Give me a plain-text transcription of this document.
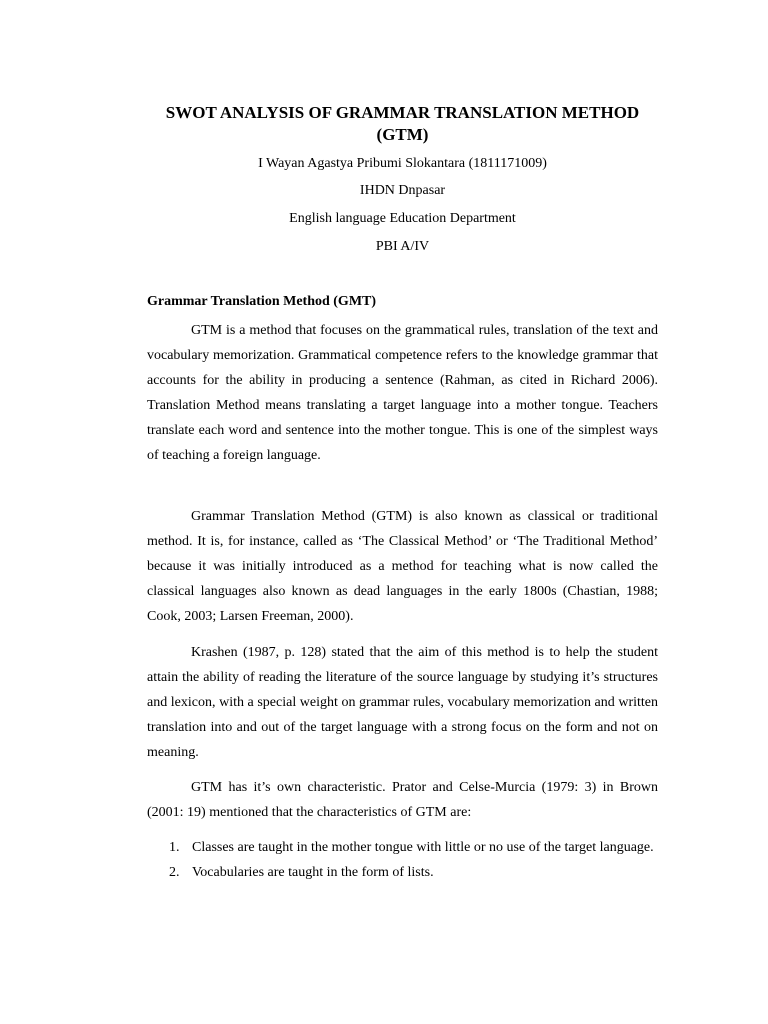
SWOT ANALYSIS OF GRAMMAR TRANSLATION METHOD (GTM)

I Wayan Agastya Pribumi Slokantara (1811171009)

IHDN Dnpasar

English language Education Department

PBI A/IV

Grammar Translation Method (GMT)

GTM is a method that focuses on the grammatical rules, translation of the text and vocabulary memorization. Grammatical competence refers to the knowledge grammar that accounts for the ability in producing a sentence (Rahman, as cited in Richard 2006). Translation Method means translating a target language into a mother tongue. Teachers translate each word and sentence into the mother tongue. This is one of the simplest ways of teaching a foreign language.

Grammar Translation Method (GTM) is also known as classical or traditional method. It is, for instance, called as ‘The Classical Method’ or ‘The Traditional Method’ because it was initially introduced as a method for teaching what is now called the classical languages also known as dead languages in the early 1800s (Chastian, 1988; Cook, 2003; Larsen Freeman, 2000).

Krashen (1987, p. 128) stated that the aim of this method is to help the student attain the ability of reading the literature of the source language by studying it’s structures and lexicon, with a special weight on grammar rules, vocabulary memorization and written translation into and out of the target language with a strong focus on the form and not on meaning.

GTM has it’s own characteristic. Prator and Celse-Murcia (1979: 3) in Brown (2001: 19) mentioned that the characteristics of GTM are:

1. Classes are taught in the mother tongue with little or no use of the target language.
2. Vocabularies are taught in the form of lists.
